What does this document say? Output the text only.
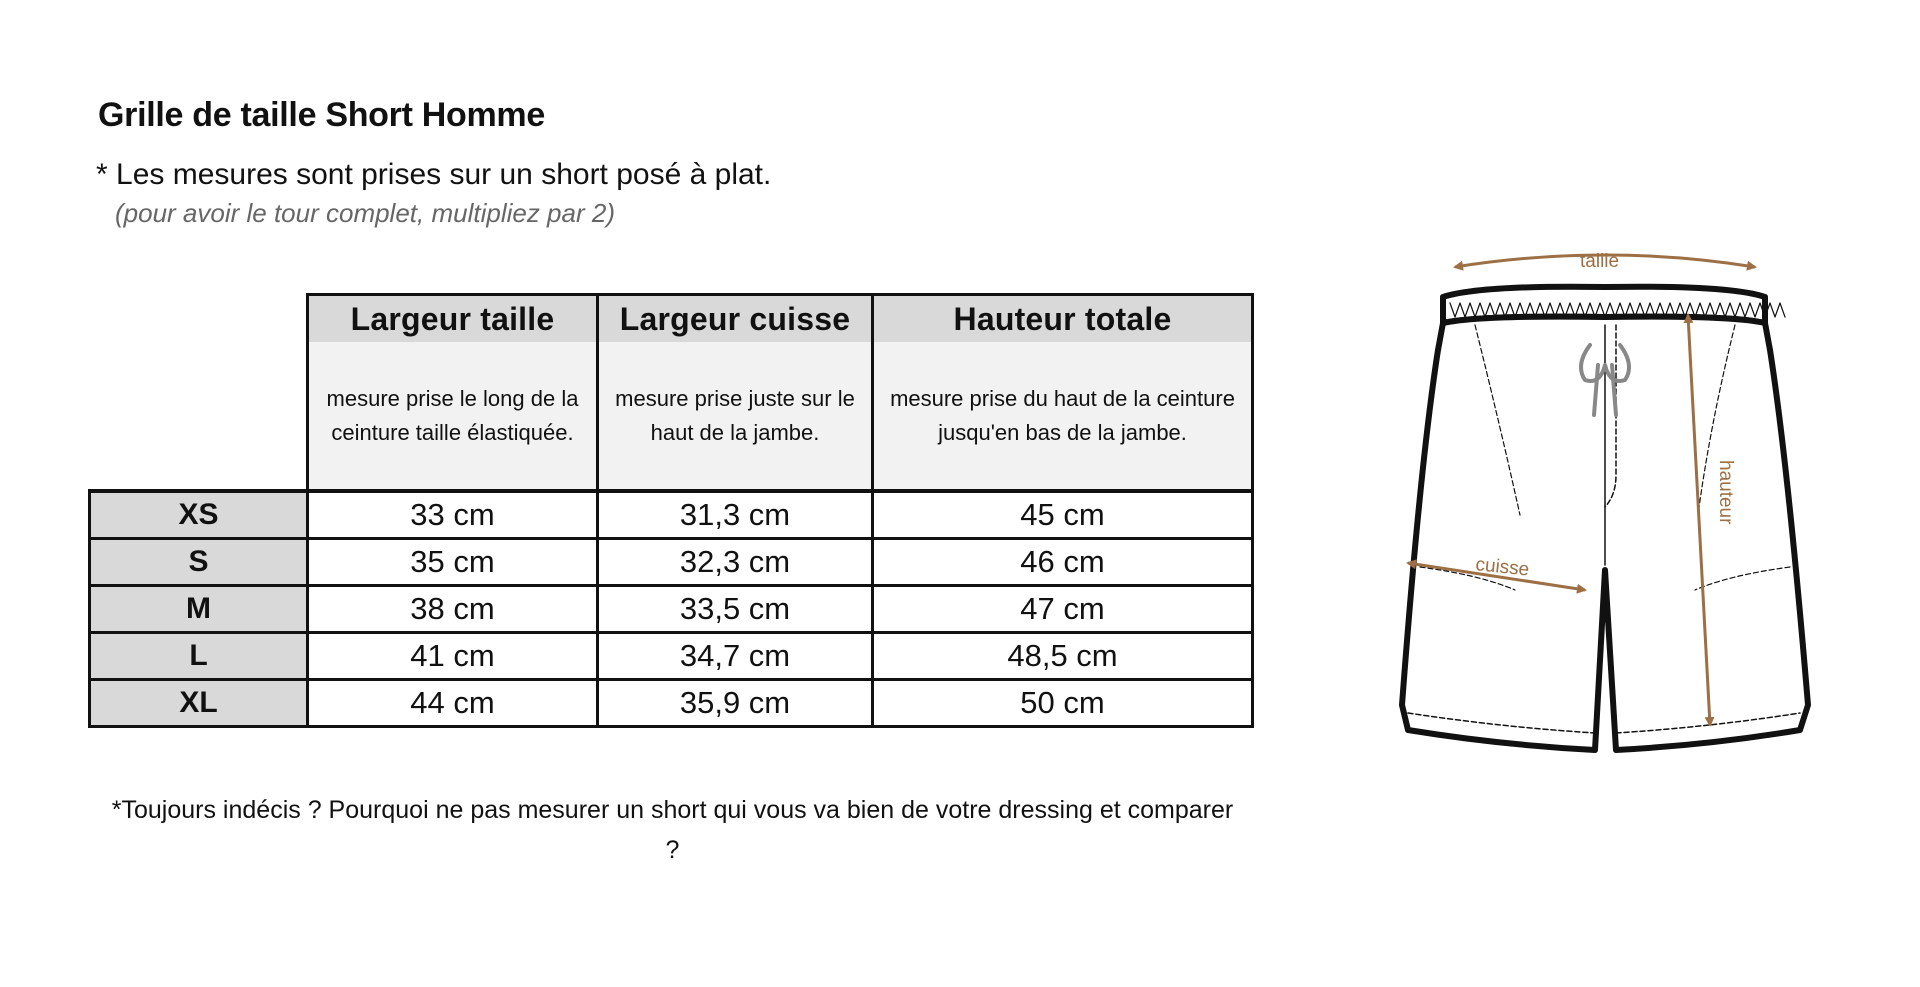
Grille de taille Short Homme
* Les mesures sont prises sur un short posé à plat.
(pour avoir le tour complet, multipliez par 2)
	Largeur taille	Largeur cuisse	Hauteur totale
	mesure prise le long de la ceinture taille élastiquée.	mesure prise juste sur le haut de la jambe.	mesure prise du haut de la ceinture jusqu'en bas de la jambe.
XS	33 cm	31,3 cm	45 cm
S	35 cm	32,3 cm	46 cm
M	38 cm	33,5 cm	47 cm
L	41 cm	34,7 cm	48,5 cm
XL	44 cm	35,9 cm	50 cm
*Toujours indécis ? Pourquoi ne pas mesurer un short qui vous va bien de votre dressing et comparer ?
taille
cuisse
hauteur
